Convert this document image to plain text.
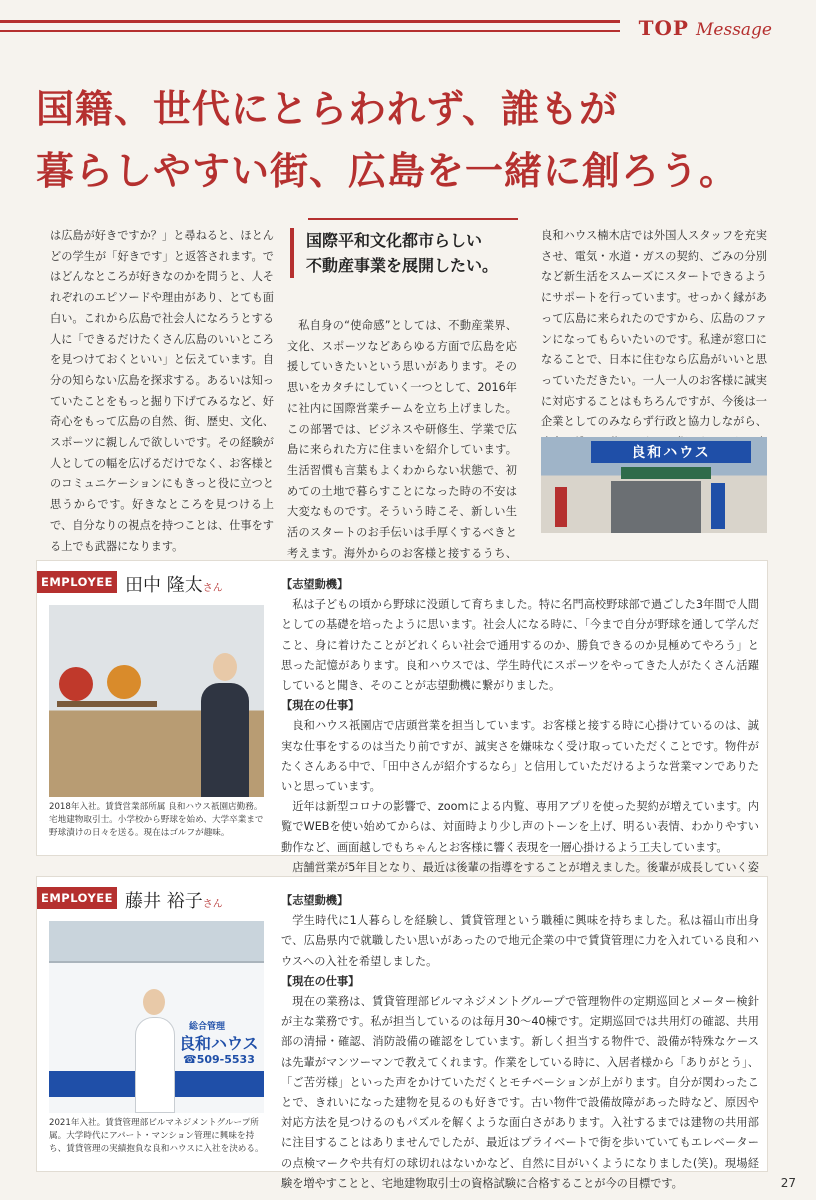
TOP Message
国籍、世代にとらわれず、誰もが
暮らしやすい街、広島を一緒に創ろう。
は広島が好きですか？」と尋ねると、ほとんどの学生が「好きです」と返答されます。ではどんなところが好きなのかを問うと、人それぞれのエピソードや理由があり、とても面白い。これから広島で社会人になろうとする人に「できるだけたくさん広島のいいところを見つけておくといい」と伝えています。自分の知らない広島を探求する。あるいは知っていたことをもっと掘り下げてみるなど、好奇心をもって広島の自然、街、歴史、文化、スポーツに親しんで欲しいです。その経験が人としての幅を広げるだけでなく、お客様とのコミュニケーションにもきっと役に立つと思うからです。好きなところを見つける上で、自分なりの視点を持つことは、仕事をする上でも武器になります。
国際平和文化都市らしい
不動産事業を展開したい。
私自身の“使命感”としては、不動産業界、文化、スポーツなどあらゆる方面で広島を応援していきたいという思いがあります。その思いをカタチにしていく一つとして、2016年に社内に国際営業チームを立ち上げました。この部署では、ビジネスや研修生、学業で広島に来られた方に住まいを紹介しています。生活習慣も言葉もよくわからない状態で、初めての土地で暮らすことになった時の不安は大変なものです。そういう時こそ、新しい生活のスタートのお手伝いは手厚くするべきと考えます。海外からのお客様と接するうち、
良和ハウス楠木店では外国人スタッフを充実させ、電気・水道・ガスの契約、ごみの分別など新生活をスムーズにスタートできるようにサポートを行っています。せっかく縁があって広島に来られたのですから、広島のファンになってもらいたいのです。私達が窓口になることで、日本に住むなら広島がいいと思っていただきたい。一人一人のお客様に誠実に対応することはもちろんですが、今後は一企業としてのみならず行政と協力しながら、
良和ハウス
EMPLOYEE 田中 隆太さん
2018年入社。賃貸営業部所属 良和ハウス祇園店勤務。宅地建物取引士。小学校から野球を始め、大学卒業まで野球漬けの日々を送る。現在はゴルフが趣味。
【志望動機】

私は子どもの頃から野球に没頭して育ちました。特に名門高校野球部で過ごした3年間で人間としての基礎を培ったように思います。社会人になる時に、「今まで自分が野球を通して学んだこと、身に着けたことがどれくらい社会で通用するのか、勝負できるのか見極めてやろう」と思った記憶があります。良和ハウスでは、学生時代にスポーツをやってきた人がたくさん活躍していると聞き、そのことが志望動機に繋がりました。

【現在の仕事】

良和ハウス祇園店で店頭営業を担当しています。お客様と接する時に心掛けているのは、誠実な仕事をするのは当たり前ですが、誠実さを嫌味なく受け取っていただくことです。物件がたくさんある中で、「田中さんが紹介するなら」と信用していただけるような営業マンでありたいと思っています。

近年は新型コロナの影響で、zoomによる内覧、専用アプリを使った契約が増えています。内覧でWEBを使い始めてからは、対面時より少し声のトーンを上げ、明るい表情、わかりやすい動作など、画面越しでもちゃんとお客様に響く表現を一層心掛けるよう工夫しています。

店舗営業が5年目となり、最近は後輩の指導をすることが増えました。後輩が成長していく姿

EMPLOYEE 藤井 裕子さん
総合管理
良和ハウス
☎509-5533
2021年入社。賃貸管理部ビルマネジメントグループ所属。大学時代にアパート・マンション管理に興味を持ち、賃貸管理の実績抱負な良和ハウスに入社を決める。
【志望動機】

学生時代に1人暮らしを経験し、賃貸管理という職種に興味を持ちました。私は福山市出身で、広島県内で就職したい思いがあったので地元企業の中で賃貸管理に力を入れている良和ハウスへの入社を希望しました。

【現在の仕事】

現在の業務は、賃貸管理部ビルマネジメントグループで管理物件の定期巡回とメーター検針が主な業務です。私が担当しているのは毎月30〜40棟です。定期巡回では共用灯の確認、共用部の清掃・確認、消防設備の確認をしています。新しく担当する物件で、設備が特殊なケースは先輩がマンツーマンで教えてくれます。作業をしている時に、入居者様から「ありがとう」、「ご苦労様」といった声をかけていただくとモチベーションが上がります。自分が関わったことで、きれいになった建物を見るのも好きです。古い物件で設備故障があった時など、原因や対応方法を見つけるのもパズルを解くような面白さがあります。入社するまでは建物の共用部に注目することはありませんでしたが、最近はプライベートで街を歩いていてもエレベーターの点検マークや共有灯の球切れはないかなど、自然に目がいくようになりました(笑)。現場経験を増やすことと、宅地建物取引士の資格試験に合格することが今の目標です。	27
